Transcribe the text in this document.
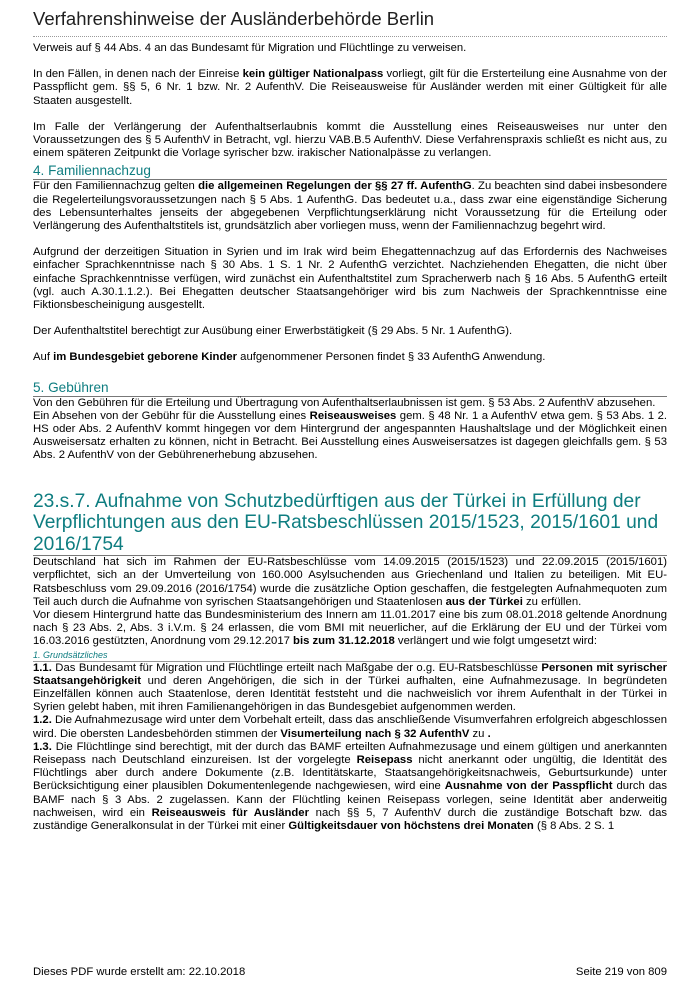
Verfahrenshinweise der Ausländerbehörde Berlin

Verweis auf § 44 Abs. 4 an das Bundesamt für Migration und Flüchtlinge zu verweisen.

In den Fällen, in denen nach der Einreise kein gültiger Nationalpass vorliegt, gilt für die Ersterteilung eine Ausnahme von der Passpflicht gem. §§ 5, 6 Nr. 1 bzw. Nr. 2 AufenthV. Die Reiseausweise für Ausländer werden mit einer Gültigkeit für alle Staaten ausgestellt.

Im Falle der Verlängerung der Aufenthaltserlaubnis kommt die Ausstellung eines Reiseausweises nur unter den Voraussetzungen des § 5 AufenthV in Betracht, vgl. hierzu VAB.B.5 AufenthV. Diese Verfahrenspraxis schließt es nicht aus, zu einem späteren Zeitpunkt die Vorlage syrischer bzw. irakischer Nationalpässe zu verlangen.

4. Familiennachzug

Für den Familiennachzug gelten die allgemeinen Regelungen der §§ 27 ff. AufenthG. Zu beachten sind dabei insbesondere die Regelerteilungsvoraussetzungen nach § 5 Abs. 1 AufenthG. Das bedeutet u.a., dass zwar eine eigenständige Sicherung des Lebensunterhaltes jenseits der abgegebenen Verpflichtungserklärung nicht Voraussetzung für die Erteilung oder Verlängerung des Aufenthaltstitels ist, grundsätzlich aber vorliegen muss, wenn der Familiennachzug begehrt wird.

Aufgrund der derzeitigen Situation in Syrien und im Irak wird beim Ehegattennachzug auf das Erfordernis des Nachweises einfacher Sprachkenntnisse nach § 30 Abs. 1 S. 1 Nr. 2 AufenthG verzichtet. Nachziehenden Ehegatten, die nicht über einfache Sprachkenntnisse verfügen, wird zunächst ein Aufenthaltstitel zum Spracherwerb nach § 16 Abs. 5 AufenthG erteilt (vgl. auch A.30.1.1.2.). Bei Ehegatten deutscher Staatsangehöriger wird bis zum Nachweis der Sprachkenntnisse eine Fiktionsbescheinigung ausgestellt.

Der Aufenthaltstitel berechtigt zur Ausübung einer Erwerbstätigkeit (§ 29 Abs. 5 Nr. 1 AufenthG).

Auf im Bundesgebiet geborene Kinder aufgenommener Personen findet § 33 AufenthG Anwendung.

5. Gebühren

Von den Gebühren für die Erteilung und Übertragung von Aufenthaltserlaubnissen ist gem. § 53 Abs. 2 AufenthV abzusehen.

Ein Absehen von der Gebühr für die Ausstellung eines Reiseausweises gem. § 48 Nr. 1 a AufenthV etwa gem. § 53 Abs. 1 2. HS oder Abs. 2 AufenthV kommt hingegen vor dem Hintergrund der angespannten Haushaltslage und der Möglichkeit einen Ausweisersatz erhalten zu können, nicht in Betracht. Bei Ausstellung eines Ausweisersatzes ist dagegen gleichfalls gem. § 53 Abs. 2 AufenthV von der Gebührenerhebung abzusehen.

23.s.7. Aufnahme von Schutzbedürftigen aus der Türkei in Erfüllung der Verpflichtungen aus den EU-Ratsbeschlüssen 2015/1523, 2015/1601 und 2016/1754

Deutschland hat sich im Rahmen der EU-Ratsbeschlüsse vom 14.09.2015 (2015/1523) und 22.09.2015 (2015/1601) verpflichtet, sich an der Umverteilung von 160.000 Asylsuchenden aus Griechenland und Italien zu beteiligen. Mit EU-Ratsbeschluss vom 29.09.2016 (2016/1754) wurde die zusätzliche Option geschaffen, die festgelegten Aufnahmequoten zum Teil auch durch die Aufnahme von syrischen Staatsangehörigen und Staatenlosen aus der Türkei zu erfüllen.

Vor diesem Hintergrund hatte das Bundesministerium des Innern am 11.01.2017 eine bis zum 08.01.2018 geltende Anordnung nach § 23 Abs. 2, Abs. 3 i.V.m. § 24 erlassen, die vom BMI mit neuerlicher, auf die Erklärung der EU und der Türkei vom 16.03.2016 gestützten, Anordnung vom 29.12.2017 bis zum 31.12.2018 verlängert und wie folgt umgesetzt wird:

1. Grundsätzliches

1.1. Das Bundesamt für Migration und Flüchtlinge erteilt nach Maßgabe der o.g. EU-Ratsbeschlüsse Personen mit syrischer Staatsangehörigkeit und deren Angehörigen, die sich in der Türkei aufhalten, eine Aufnahmezusage. In begründeten Einzelfällen können auch Staatenlose, deren Identität feststeht und die nachweislich vor ihrem Aufenthalt in der Türkei in Syrien gelebt haben, mit ihren Familienangehörigen in das Bundesgebiet aufgenommen werden.

1.2. Die Aufnahmezusage wird unter dem Vorbehalt erteilt, dass das anschließende Visumverfahren erfolgreich abgeschlossen wird. Die obersten Landesbehörden stimmen der Visumerteilung nach § 32 AufenthV zu .

1.3. Die Flüchtlinge sind berechtigt, mit der durch das BAMF erteilten Aufnahmezusage und einem gültigen und anerkannten Reisepass nach Deutschland einzureisen. Ist der vorgelegte Reisepass nicht anerkannt oder ungültig, die Identität des Flüchtlings aber durch andere Dokumente (z.B. Identitätskarte, Staatsangehörigkeitsnachweis, Geburtsurkunde) unter Berücksichtigung einer plausiblen Dokumentenlegende nachgewiesen, wird eine Ausnahme von der Passpflicht durch das BAMF nach § 3 Abs. 2 zugelassen. Kann der Flüchtling keinen Reisepass vorlegen, seine Identität aber anderweitig nachweisen, wird ein Reiseausweis für Ausländer nach §§ 5, 7 AufenthV durch die zuständige Botschaft bzw. das zuständige Generalkonsulat in der Türkei mit einer Gültigkeitsdauer von höchstens drei Monaten (§ 8 Abs. 2 S. 1

Dieses PDF wurde erstellt am: 22.10.2018	Seite 219 von 809
